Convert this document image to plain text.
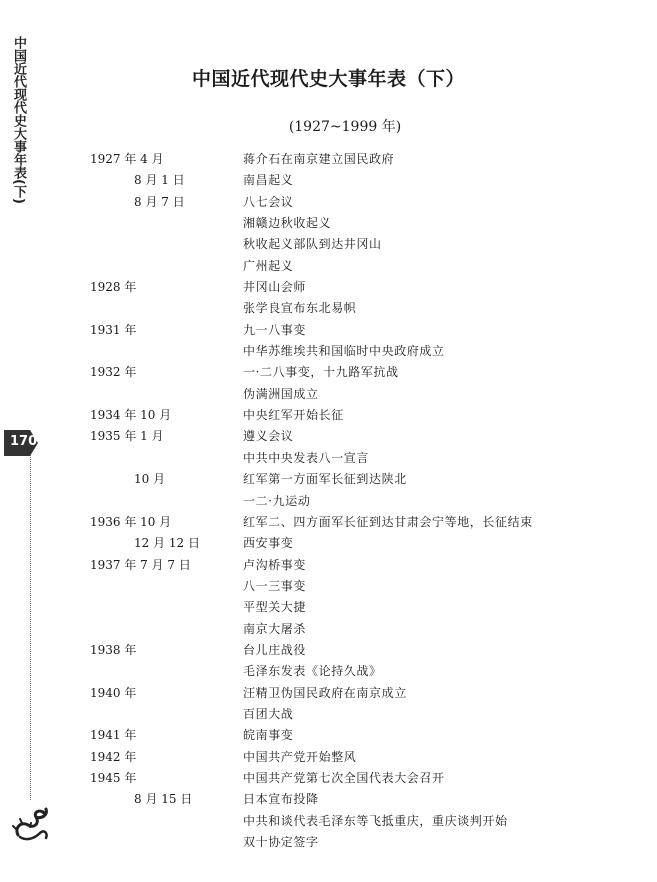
中国近代现代史大事年表(下)
170
中国近代现代史大事年表（下）
(1927~1999 年)
1927 年 4 月	蒋介石在南京建立国民政府
8 月 1 日	南昌起义
8 月 7 日	八七会议
湘赣边秋收起义
秋收起义部队到达井冈山
广州起义
1928 年	井冈山会师
张学良宣布东北易帜
1931 年	九一八事变
中华苏维埃共和国临时中央政府成立
1932 年	一·二八事变，十九路军抗战
伪满洲国成立
1934 年 10 月	中央红军开始长征
1935 年 1 月	遵义会议
中共中央发表八一宣言
10 月	红军第一方面军长征到达陕北
一二·九运动
1936 年 10 月	红军二、四方面军长征到达甘肃会宁等地，长征结束
12 月 12 日	西安事变
1937 年 7 月 7 日	卢沟桥事变
八一三事变
平型关大捷
南京大屠杀
1938 年	台儿庄战役
毛泽东发表《论持久战》
1940 年	汪精卫伪国民政府在南京成立
百团大战
1941 年	皖南事变
1942 年	中国共产党开始整风
1945 年	中国共产党第七次全国代表大会召开
8 月 15 日	日本宣布投降
中共和谈代表毛泽东等飞抵重庆，重庆谈判开始
双十协定签字
